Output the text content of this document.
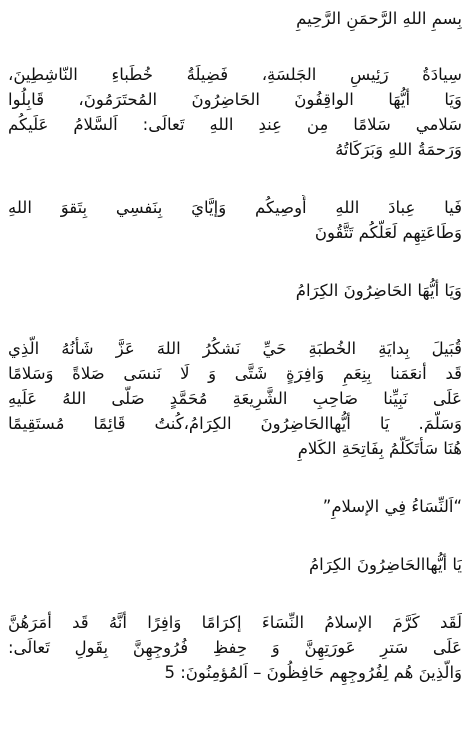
بِسمِ اللهِ الرَّحمَنِ الرَّحِيمِ
سِيادَةُ رَئِيسِ الجَلسَةِ، فَضِيلَةُ خُطَباءِ النّاشِطِينَ،
وَيَا أيُّهَا الواقِفُونَ الحَاضِرُونَ المُحتَرَمُونَ، قَابِلُوا
سَلامي سَلامًا مِن عِندِ اللهِ تَعالَى: اَلسَّلامُ عَلَيكُم
وَرَحمَةُ اللهِ وَبَرَكَاتُهُ
فَيا عِبادَ اللهِ أُوصِيكُم وَإيَّايَ بِنَفسِي بِتَقوَ اللهِ
وَطَاعَتِهِم لَعَلَّكُم تَتَّقُونَ
وَيَا أيُّهَا الحَاضِرُونَ الكِرَامُ
قُبَيلَ بِدايَةِ الخُطبَةِ حَيِّ نَشكُرُ اللهَ عَزَّ شَأنُهُ الَّذِي
قَد أنعَمَنا بِنِعَمٍ وَافِرَةٍ شَتَّى وَ لَا نَنسَى صَلاةً وَسَلامًا
عَلَى نَبِيِّنا صَاحِبِ الشَّرِيعَةِ مُحَمَّدٍ صَلَّى اللهُ عَلَيهِ
وَسَلَّمَ. يَا أيُّهاالحَاضِرُونَ الكِرَامُ،كُنتُ قَائِمًا مُستَقِيمًا
هُنَا سَأتَكَلَّمُ بِفَاتِحَةِ الكَلامِ
“اَلنِّسَاءُ فِي الإسلامِ”
يَا أيُّهاالحَاضِرُونَ الكِرَامُ
لَقَد كَرَّمَ الإسلامُ النِّسَاءَ إكرَامًا وَافِرًا أنَّهُ قَد أمَرَهُنَّ
عَلَى سَترِ عَورَتِهِنَّ وَ حِفظِ فُرُوجِهِنَّ بِقَولِ تَعالَى:
وَالَّذِينَ هُم لِفُرُوجِهِم حَافِظُونَ – اَلمُؤمِنُونَ: 5
